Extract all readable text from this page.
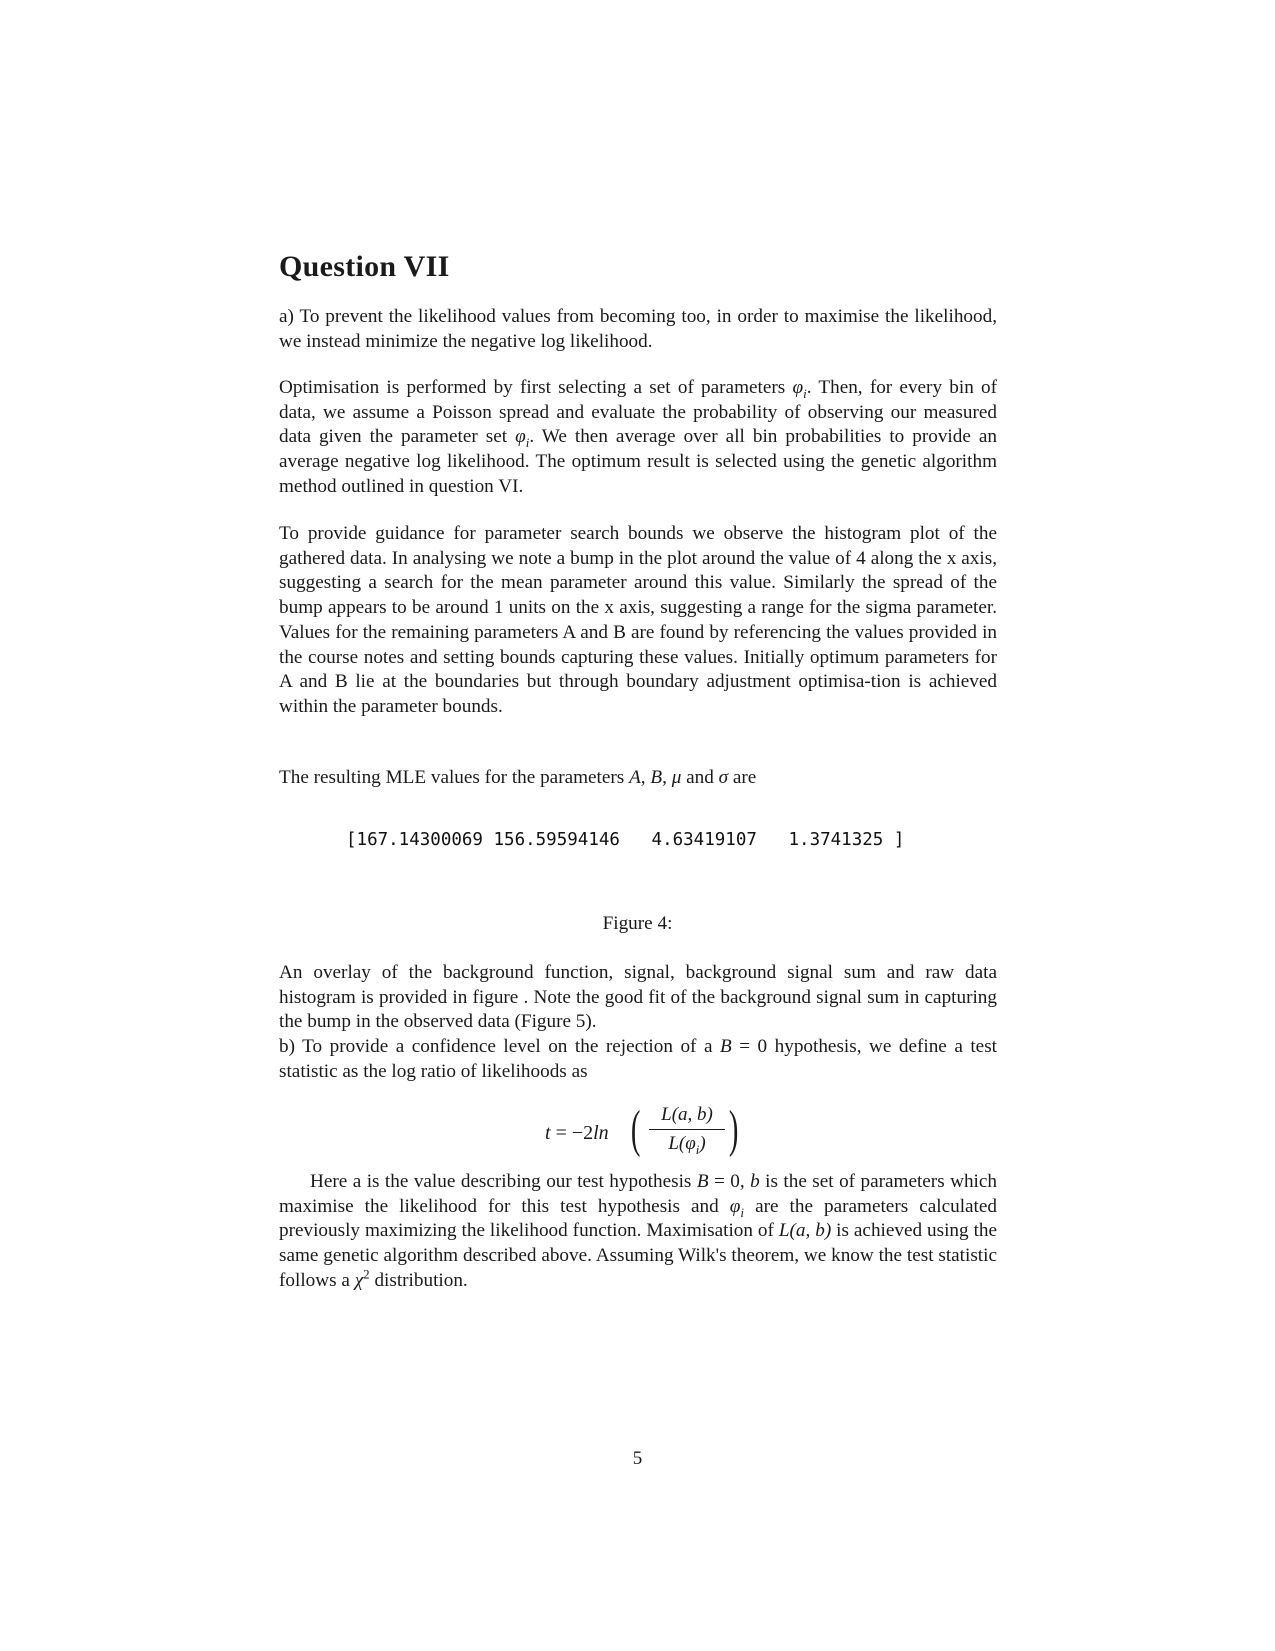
Question VII

a) To prevent the likelihood values from becoming too, in order to maximise the likelihood, we instead minimize the negative log likelihood.

Optimisation is performed by first selecting a set of parameters $\varphi_i$. Then, for every bin of data, we assume a Poisson spread and evaluate the probability of observing our measured data given the parameter set $\varphi_i$. We then average over all bin probabilities to provide an average negative log likelihood. The optimum result is selected using the genetic algorithm method outlined in question VI.

To provide guidance for parameter search bounds we observe the histogram plot of the gathered data. In analysing we note a bump in the plot around the value of 4 along the x axis, suggesting a search for the mean parameter around this value. Similarly the spread of the bump appears to be around 1 units on the x axis, suggesting a range for the sigma parameter. Values for the remaining parameters A and B are found by referencing the values provided in the course notes and setting bounds capturing these values. Initially optimum parameters for A and B lie at the boundaries but through boundary adjustment optimisa-tion is achieved within the parameter bounds.

The resulting MLE values for the parameters A, B, μ and σ are

[167.14300069 156.59594146   4.63419107   1.3741325 ]
Figure 4:

An overlay of the background function, signal, background signal sum and raw data histogram is provided in figure . Note the good fit of the background signal sum in capturing the bump in the observed data (Figure 5).

b) To provide a confidence level on the rejection of a B = 0 hypothesis, we define a test statistic as the log ratio of likelihoods as

t = −2ln (	L(a, b)
$L(\varphi_i)$ )

Here a is the value describing our test hypothesis B = 0, b is the set of parameters which maximise the likelihood for this test hypothesis and $\varphi_i$ are the parameters calculated previously maximizing the likelihood function. Maximisation of L(a, b) is achieved using the same genetic algorithm described above. Assuming Wilk's theorem, we know the test statistic follows a $\chi^2$ distribution.

5
